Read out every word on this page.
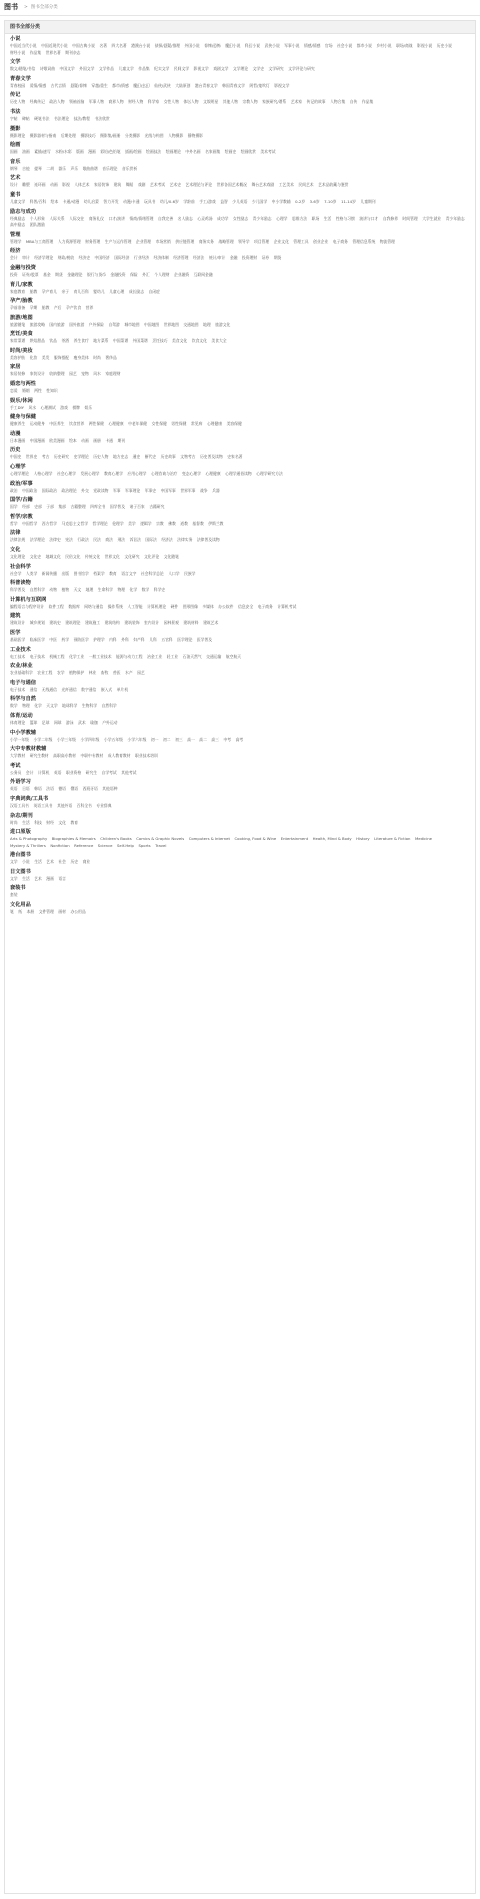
图书 > 图书全部分类
图书全部分类
小说
中国近当代小说 中国近现代小说 中国古典小说 名著 四大名著 港澳台小说 侦探/悬疑/推理 外国小说 惊悚/恐怖 魔幻小说 科幻小说 武侠小说 军事小说 情感/情感 官场 社会小说 都市小说 乡村小说 职场/商战 影视小说 历史小说
财经小说 作品集 世界名著 期刊杂志
文学
散文/随笔/书信 诗歌词曲 中国文学 外国文学 文学作品 儿童文学 作品集 纪实文学 民间文学 影视文学 戏剧文学 文学理论 文学史 文学研究 文学评论与研究
青春文学
青春校园 爱情/情感 古代言情 悬疑/惊悚 穿越/重生 都市/情感 魔幻/玄幻 仙侠/武侠 大陆原创 港台青春文学 韩国青春文学 阿哲/鬼吹灯 影视文学
传记
历史人物 经典传记 政治人物 领袖首脑 军事人物 商界人物 财经人物 科学家 女性人物 体坛人物 文娱明星 其他人物 宗教人物 家族研究/谱系 艺术家 传记的故事 人物合集 自传 作品集
书法
字帖 碑帖 硬笔书法 书法理论 技法/教程 书法欣赏
摄影
摄影理论 摄影器材与指南 后期处理 摄影技巧 摄影集/画册 分类摄影 光线与构图 人物摄影 静物摄影
绘画
国画 油画 素描/速写 水粉/水彩 版画 漫画 彩铅/色铅笔 插画/绘画 绘画技法 绘画理论 中外名画 名家画集 绘画史 绘画欣赏 美术考试
音乐
钢琴 吉他 提琴 二胡 器乐 声乐 歌曲曲谱 音乐理论 音乐赏析
艺术
设计 雕塑 连环画 动画 影视 人体艺术 家居装饰 建筑 舞蹈 戏剧 艺术考试 艺术史 艺术理论与评论 世界各国艺术概况 舞台艺术戏剧 工艺美术 民间艺术 艺术品收藏与鉴赏
童书
儿童文学 科普/百科 绘本 卡通/动漫 幼儿启蒙 智力开发 动漫/卡通 玩具书 幼儿/0-6岁 学龄前 手工/游戏 益智 少儿英语 少儿国学 中小学教辅 0-2岁 3-6岁 7-10岁 11-14岁 儿童期刊
励志与成功
经典励志 个人形象 人际关系 人际交往 商务礼仪 口才/演讲 情商/情绪管理 自我完善 名人励志 心灵鸡汤 成功学 女性励志 青少年励志 心理学 思维方法 职场 生活 性格与习惯 演讲与口才 自我修养 时间管理 大学生就业 青少年励志
高中励志 团队激励
管理
管理学 MBA与工商管理 人力资源管理 财务管理 生产与运作管理 企业管理 市场营销 供应链管理 商务实务 战略管理 领导学 项目管理 企业文化 管理工具 创业企业 电子商务 管理信息系统 物流管理
经济
会计 审计 经济学理论 财政/税收 经济史 中国经济 国际经济 行业经济 经济体制 经济管理 经济法 统计/审计 金融 投资理财 证券 期货
金融与投资
投资 证券/股票 基金 期货 金融理论 银行与货币 金融投资 保险 外汇 个人理财 企业融资 互联网金融
育儿/家教
家庭教育 胎教 孕产育儿 亲子 育儿百科 婴幼儿 儿童心理 成长励志 自闭症
孕产/胎教
孕前准备 孕期 胎教 产后 孕产饮食 营养
旅游/地图
旅游随笔 旅游攻略 国内旅游 国外旅游 户外探险 自驾游 城市地图 中国地图 世界地图 交通地图 地理 旅游文化
烹饪/美食
家常菜谱 烘焙甜品 饮品 茶酒 养生食疗 地方菜系 中国菜谱 外国菜谱 烹饪技巧 美食文化 饮食文化 美食大全
时尚/美妆
美容护肤 化妆 美发 服饰搭配 瘦身美体 时尚 奢侈品
家居
家居装修 家装设计 收纳整理 园艺 宠物 风水 家庭理财
婚恋与两性
恋爱 婚姻 两性 性知识
娱乐/休闲
手工DIY 风水 心理测试 游戏 棋牌 娱乐
健身与保健
健康养生 运动健身 中医养生 饮食营养 两性保健 心理健康 中老年保健 女性保健 男性保健 常见病 心理健康 美容保健
动漫
日本漫画 中国漫画 欧美漫画 绘本 动画 画册 卡通 期刊
历史
中国史 世界史 考古 历史研究 史学理论 历史人物 地方史志 通史 断代史 历史故事 文物考古 历史普及读物 史家名著
心理学
心理学理论 人格心理学 社会心理学 发展心理学 教育心理学 应用心理学 心理咨询与治疗 变态心理学 心理健康 心理学通俗读物 心理学研究方法
政治/军事
政治 中国政治 国际政治 政治理论 外交 党政读物 军事 军事理论 军事史 中国军事 世界军事 战争 兵器
国学/古籍
国学 经部 史部 子部 集部 古籍整理 四库全书 国学普及 诸子百家 古籍研究
哲学/宗教
哲学 中国哲学 西方哲学 马克思主义哲学 哲学理论 伦理学 美学 逻辑学 宗教 佛教 道教 基督教 伊斯兰教
法律
法律法规 法学理论 法律史 宪法 行政法 民法 商法 刑法 诉讼法 国际法 经济法 法律实务 法律普及读物
文化
文化理论 文化史 地域文化 民俗文化 传统文化 世界文化 文化研究 文化评论 文化随笔
社会科学
社会学 人类学 新闻传播 出版 图书馆学 档案学 教育 语言文字 社会科学总论 人口学 民族学
科普读物
科学普及 自然科学 动物 植物 天文 地理 生命科学 物理 化学 数学 科学史
计算机与互联网
编程语言与程序设计 软件工程 数据库 网络与通信 操作系统 人工智能 计算机理论 硬件 图形图像 多媒体 办公软件 信息安全 电子商务 计算机考试
建筑
建筑设计 城乡规划 建筑史 建筑理论 建筑施工 建筑结构 建筑装饰 室内设计 园林景观 建筑材料 建筑艺术
医学
基础医学 临床医学 中医 药学 预防医学 护理学 内科 外科 妇产科 儿科 五官科 医学理论 医学普及
工业技术
电工技术 电子技术 机械工程 化学工业 一般工业技术 能源与动力工程 冶金工业 轻工业 石油天然气 交通运输 航空航天
农业/林业
农业基础科学 农业工程 农学 植物保护 林业 畜牧 兽医 水产 园艺
电子与通信
电子技术 通信 无线通信 光纤通信 数字通信 嵌入式 单片机
科学与自然
数学 物理 化学 天文学 地球科学 生物科学 自然科学
体育/运动
体育理论 篮球 足球 网球 游泳 武术 瑜伽 户外运动
中小学教辅
小学一年级 小学二年级 小学三年级 小学四年级 小学五年级 小学六年级 初一 初二 初三 高一 高二 高三 中考 高考
大中专教材教辅
大学教材 研究生教材 高职高专教材 中职中专教材 成人教育教材 职业技术培训
考试
公务员 会计 计算机 英语 职业资格 研究生 自学考试 其他考试
外语学习
英语 日语 韩语 法语 德语 俄语 西班牙语 其他语种
字典词典/工具书
汉语工具书 英语工具书 其他外语 百科全书 专业辞典
杂志/期刊
时尚 生活 科技 财经 文化 教育
进口原版
Arts & Photography Biographies & Memoirs Children's Books Comics & Graphic Novels Computers & Internet Cooking, Food & Wine Entertainment Health, Mind & Body History Literature & Fiction Medicine
Mystery & Thrillers Nonfiction Reference Science Self-Help Sports Travel
港台图书
文学 小说 生活 艺术 社会 历史 商业
日文图书
文学 生活 艺术 漫画 语言
套装书
套装
文化用品
笔 纸 本册 文件管理 画材 办公用品
